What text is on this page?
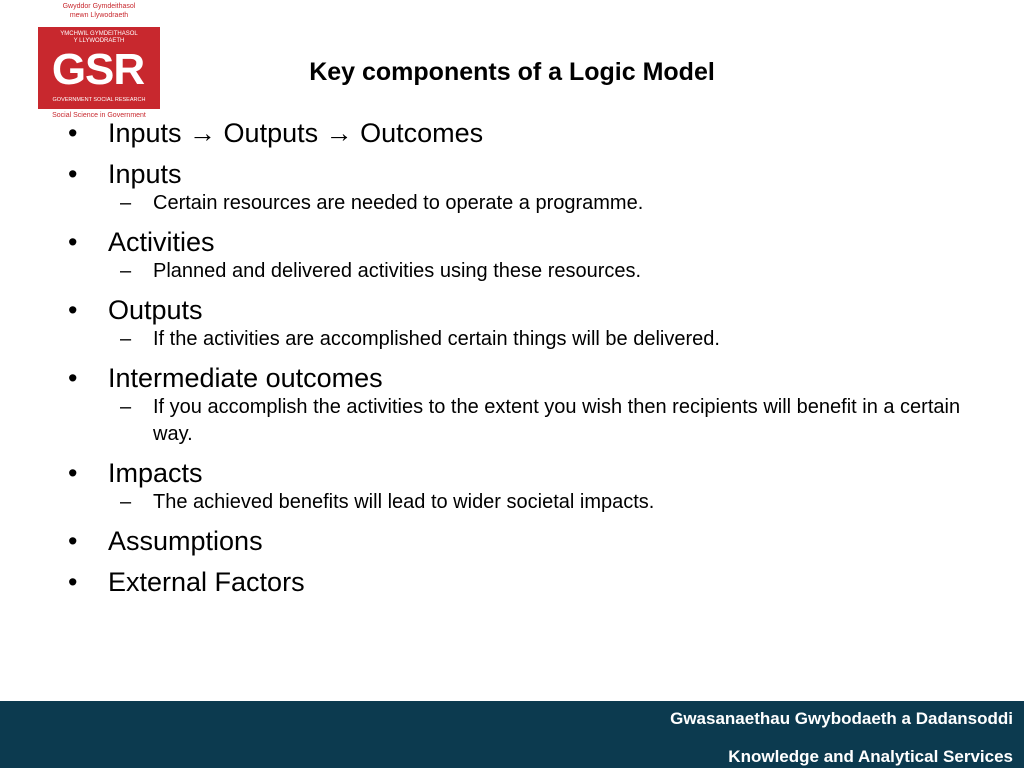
Gwyddor Gymdeithasol
mewn Llywodraeth
YMCHWIL GYMDEITHASOL
Y LLYWODRAETH
GSR
GOVERNMENT SOCIAL RESEARCH
Social Science in Government
Key components of a Logic Model
• Inputs → Outputs → Outcomes
• Inputs
– Certain resources are needed to operate a programme.
• Activities
– Planned and delivered activities using these resources.
• Outputs
– If the activities are accomplished certain things will be delivered.
• Intermediate outcomes
– If you accomplish the activities to the extent you wish then recipients will benefit in a certain way.
• Impacts
– The achieved benefits will lead to wider societal impacts.
• Assumptions
• External Factors
Gwasanaethau Gwybodaeth a Dadansoddi
Knowledge and Analytical Services
